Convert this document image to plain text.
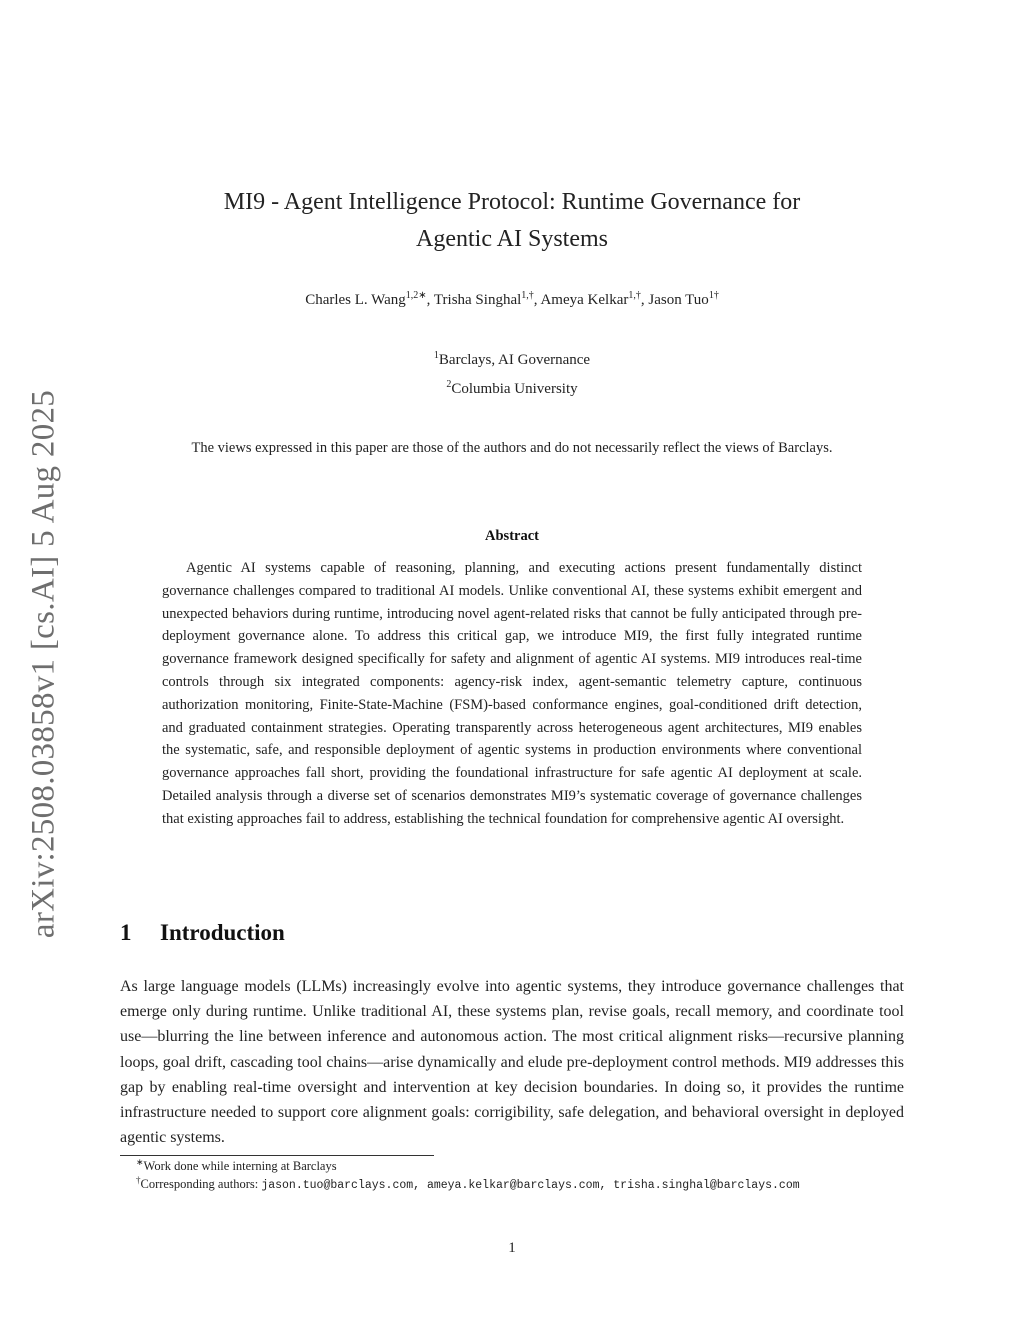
arXiv:2508.03858v1 [cs.AI] 5 Aug 2025
MI9 - Agent Intelligence Protocol: Runtime Governance for
Agentic AI Systems
Charles L. Wang$^{1,2∗}$, Trisha Singhal$^{1,\dagger}$, Ameya Kelkar$^{1,\dagger}$, Jason Tuo$^{1\dagger}$
$^1$Barclays, AI Governance
$^2$Columbia University
The views expressed in this paper are those of the authors and do not necessarily reflect the views of Barclays.
Abstract
Agentic AI systems capable of reasoning, planning, and executing actions present fundamentally distinct governance challenges compared to traditional AI models. Unlike conventional AI, these systems exhibit emergent and unexpected behaviors during runtime, introducing novel agent-related risks that cannot be fully anticipated through pre-deployment governance alone. To address this critical gap, we introduce MI9, the first fully integrated runtime governance framework designed specifically for safety and alignment of agentic AI systems. MI9 introduces real-time controls through six integrated components: agency-risk index, agent-semantic telemetry capture, continuous authorization monitoring, Finite-State-Machine (FSM)-based conformance engines, goal-conditioned drift detection, and graduated containment strategies. Operating transparently across heterogeneous agent architectures, MI9 enables the systematic, safe, and responsible deployment of agentic systems in production environments where conventional governance approaches fall short, providing the foundational infrastructure for safe agentic AI deployment at scale. Detailed analysis through a diverse set of scenarios demonstrates MI9’s systematic coverage of governance challenges that existing approaches fail to address, establishing the technical foundation for comprehensive agentic AI oversight.
1 Introduction
As large language models (LLMs) increasingly evolve into agentic systems, they introduce governance challenges that emerge only during runtime. Unlike traditional AI, these systems plan, revise goals, recall memory, and coordinate tool use—blurring the line between inference and autonomous action. The most critical alignment risks—recursive planning loops, goal drift, cascading tool chains—arise dynamically and elude pre-deployment control methods. MI9 addresses this gap by enabling real-time oversight and intervention at key decision boundaries. In doing so, it provides the runtime infrastructure needed to support core alignment goals: corrigibility, safe delegation, and behavioral oversight in deployed agentic systems.
∗Work done while interning at Barclays
†Corresponding authors: jason.tuo@barclays.com, ameya.kelkar@barclays.com, trisha.singhal@barclays.com
1
